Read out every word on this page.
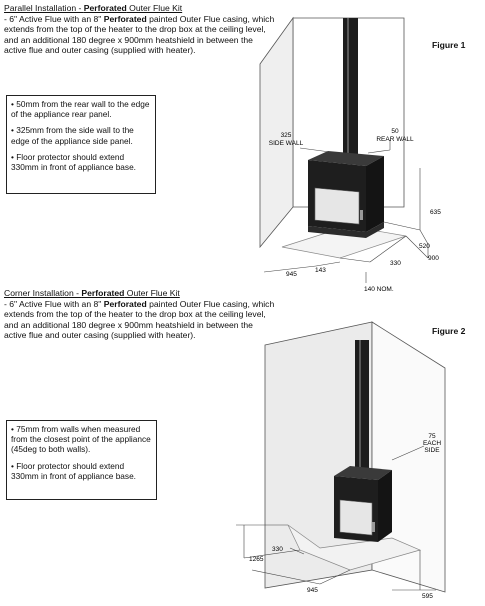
Parallel Installation - Perforated Outer Flue Kit
- 6" Active Flue with an 8" Perforated painted Outer Flue casing, which
extends from the top of the heater to the drop box at the ceiling level,
and an additional 180 degree x 900mm heatshield in between the
active flue and outer casing (supplied with heater).
Figure 1

• 50mm from the rear wall to the edge of the appliance rear panel.

• 325mm from the side wall to the edge of the appliance side panel.

• Floor protector should extend 330mm in front of appliance base.

325
SIDE WALL
50
REAR WALL
635
520
900
330
143
945
140 NOM.
Corner Installation - Perforated Outer Flue Kit
- 6" Active Flue with an 8" Perforated painted Outer Flue casing, which
extends from the top of the heater to the drop box at the ceiling level,
and an additional 180 degree x 900mm heatshield in between the
active flue and outer casing (supplied with heater).	Figure 2

• 75mm from walls when measured from the closest point of the appliance (45deg to both walls).

• Floor protector should extend 330mm in front of appliance base.

75
EACH
SIDE
1265
330
945
595
